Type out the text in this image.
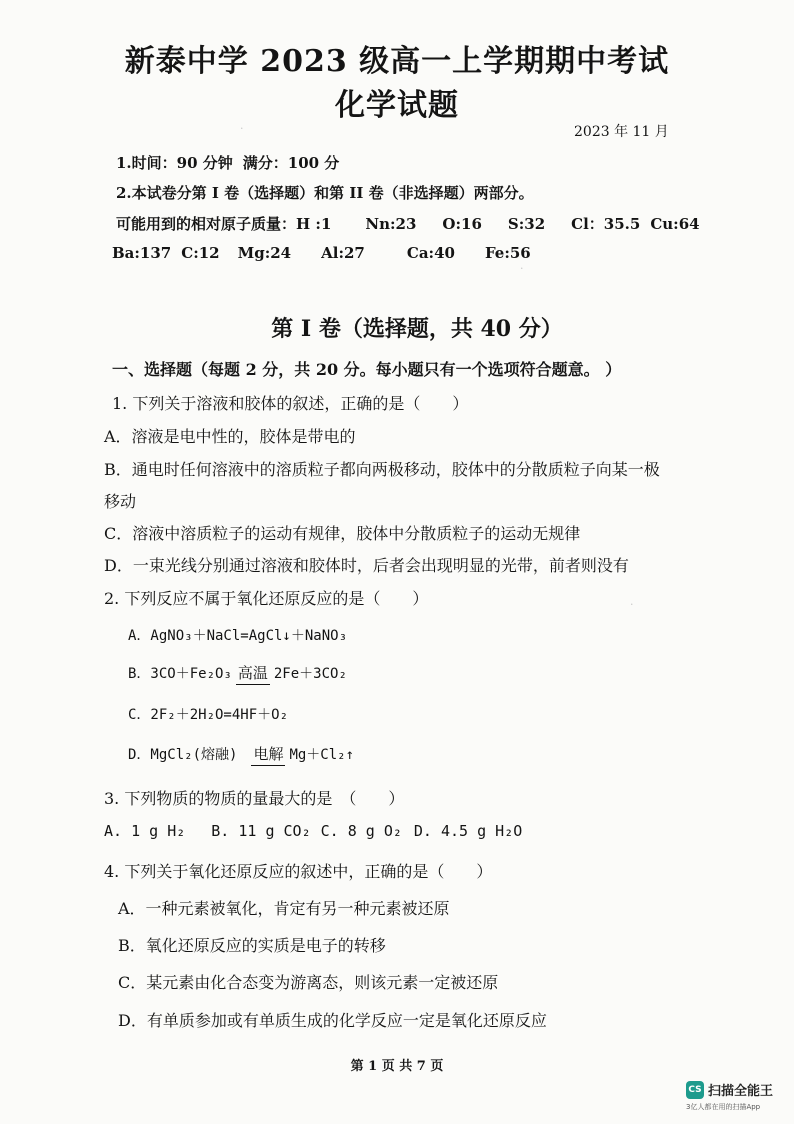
新泰中学 2023 级高一上学期期中考试
化学试题
2023 年 11 月
1.时间：90 分钟 满分：100 分
2.本试卷分第 I 卷（选择题）和第 II 卷（非选择题）两部分。
可能用到的相对原子质量：H :1 Nn:23 O:16 S:32 Cl：35.5 Cu:64
Ba:137 C:12 Mg:24 Al:27	Ca:40 Fe:56
第 I 卷（选择题，共 40 分）
一、选择题（每题 2 分，共 20 分。每小题只有一个选项符合题意。 ）
1. 下列关于溶液和胶体的叙述，正确的是（　　）
A．溶液是电中性的，胶体是带电的
B．通电时任何溶液中的溶质粒子都向两极移动，胶体中的分散质粒子向某一极
移动
C．溶液中溶质粒子的运动有规律，胶体中分散质粒子的运动无规律
D．一束光线分别通过溶液和胶体时，后者会出现明显的光带，前者则没有
2. 下列反应不属于氧化还原反应的是（　　）
A．AgNO₃＋NaCl=AgCl↓＋NaNO₃
B．3CO＋Fe₂O₃ 高温 2Fe＋3CO₂
C．2F₂＋2H₂O=4HF＋O₂
D．MgCl₂(熔融) 电解 Mg＋Cl₂↑
3. 下列物质的物质的量最大的是　（　　）
A. 1 g H₂ B. 11 g CO₂ C. 8 g O₂ D. 4.5 g H₂O
4. 下列关于氧化还原反应的叙述中，正确的是（　　）
A．一种元素被氧化，肯定有另一种元素被还原
B．氧化还原反应的实质是电子的转移
C．某元素由化合态变为游离态，则该元素一定被还原
D．有单质参加或有单质生成的化学反应一定是氧化还原反应
第 1 页 共 7 页
CS 扫描全能王
3亿人都在用的扫描App
·
·
·
